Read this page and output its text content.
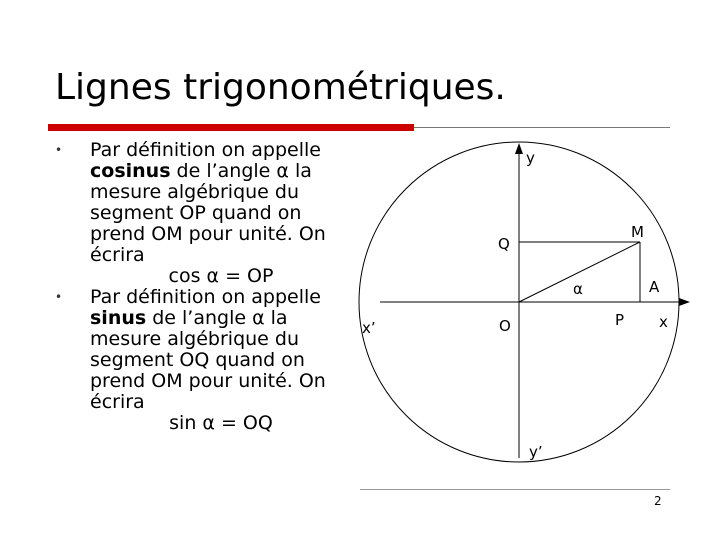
Lignes trigonométriques.
• Par définition on appelle cosinus de l’angle α la mesure algébrique du segment OP quand on prend OM pour unité. On écrira
cos α = OP
• Par définition on appelle sinus de l’angle α la mesure algébrique du segment OQ quand on prend OM pour unité. On écrira
sin α = OQ
y
y’
x
x’	O
M
P
Q
A
α
2
